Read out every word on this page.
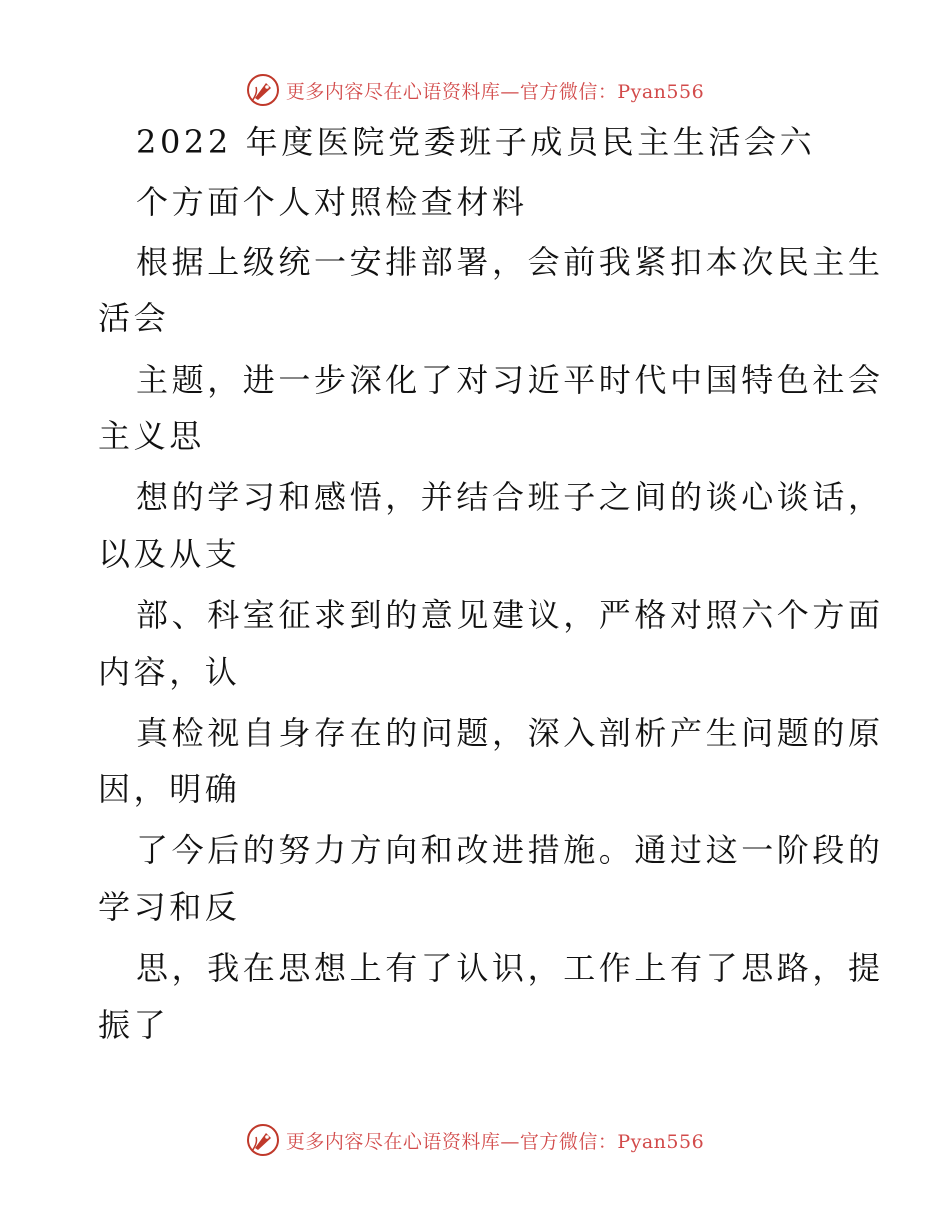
更多内容尽在心语资料库—官方微信：Pyan556
2022 年度医院党委班子成员民主生活会六
个方面个人对照检查材料
根据上级统一安排部署，会前我紧扣本次民主生
活会
主题，进一步深化了对习近平时代中国特色社会
主义思
想的学习和感悟，并结合班子之间的谈心谈话，
以及从支
部、科室征求到的意见建议，严格对照六个方面
内容，认
真检视自身存在的问题，深入剖析产生问题的原
因，明确
了今后的努力方向和改进措施。通过这一阶段的
学习和反
思，我在思想上有了认识，工作上有了思路，提
振了
更多内容尽在心语资料库—官方微信：Pyan556
